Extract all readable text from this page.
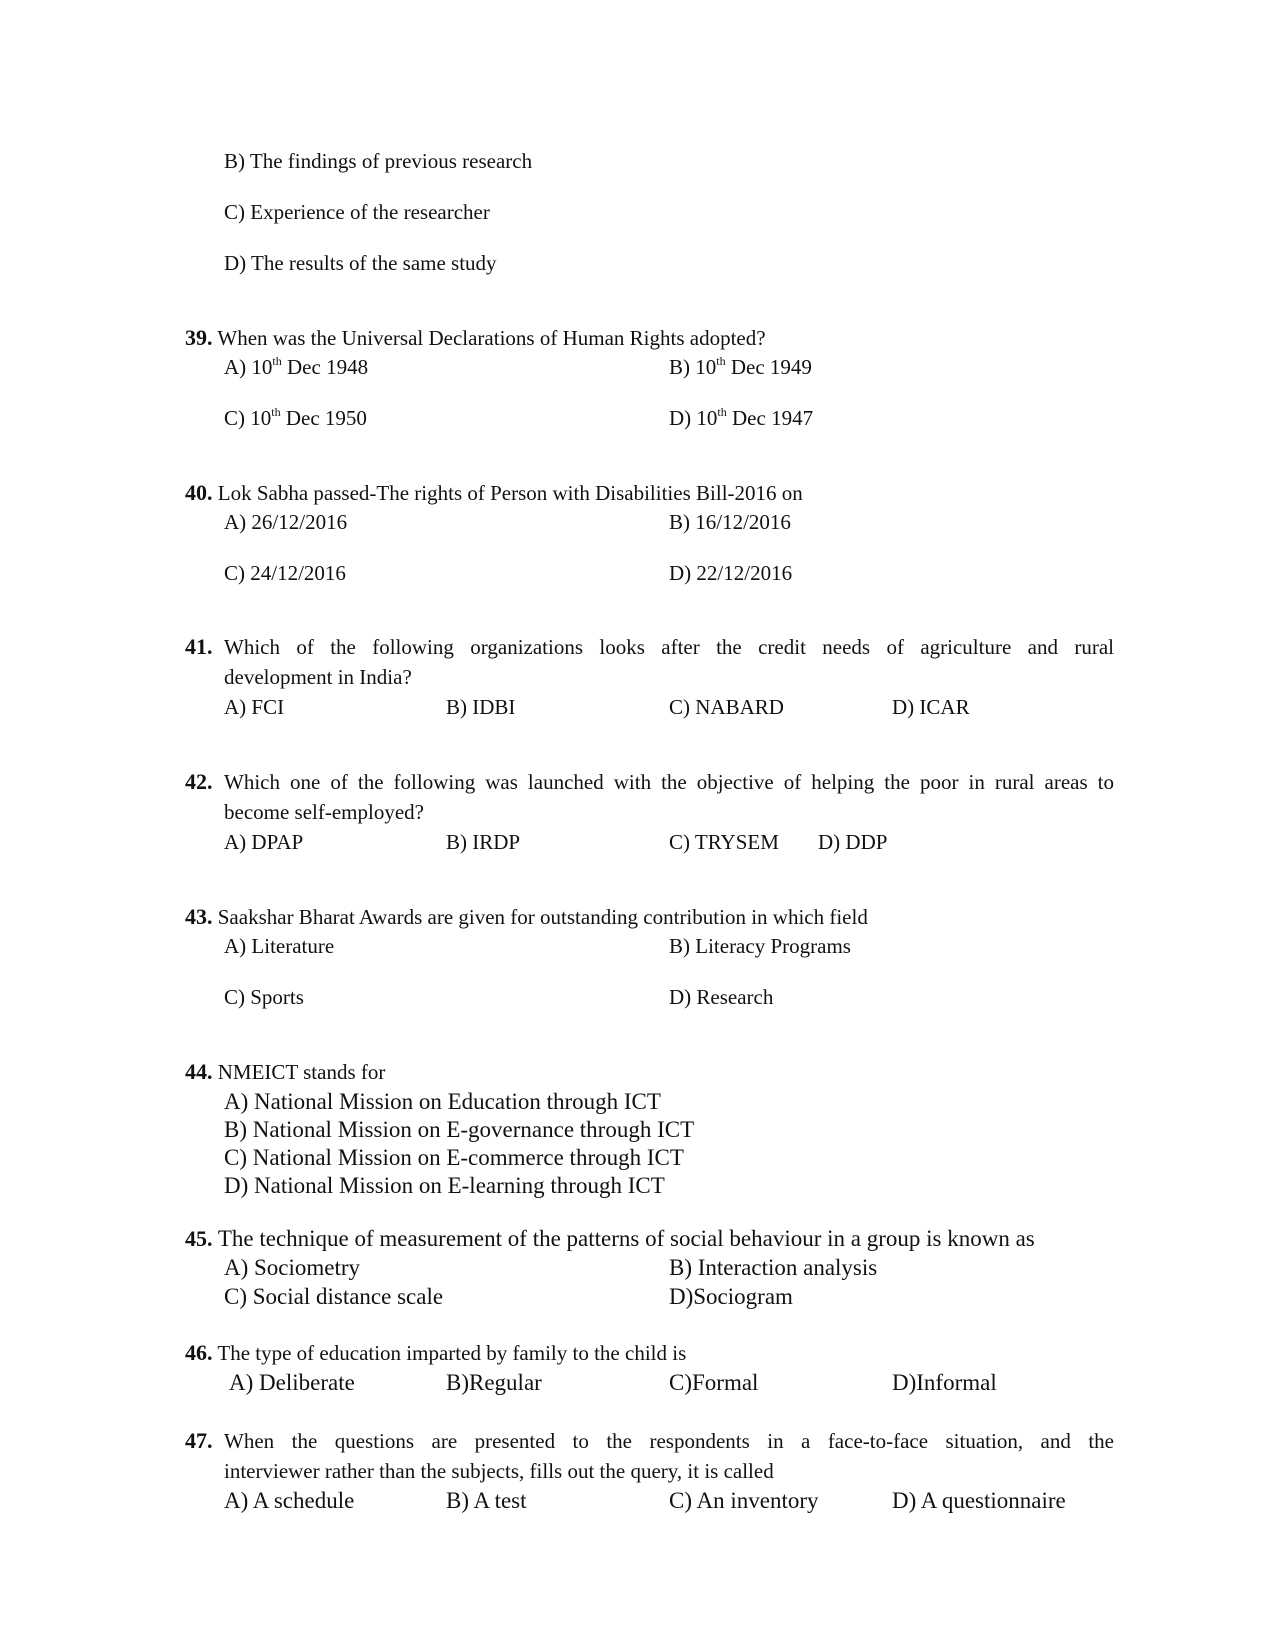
B) The findings of previous research
C) Experience of the researcher
D) The results of the same study
39. When was the Universal Declarations of Human Rights adopted?
A) 10th Dec 1948	B) 10th Dec 1949
C) 10th Dec 1950	D) 10th Dec 1947
40. Lok Sabha passed-The rights of Person with Disabilities Bill-2016 on
A) 26/12/2016	B) 16/12/2016
C) 24/12/2016	D) 22/12/2016
41. Which of the following organizations looks after the credit needs of agriculture and rural
development in India?
A) FCI	B) IDBI	C) NABARD	D) ICAR
42. Which one of the following was launched with the objective of helping the poor in rural areas to
become self-employed?
A) DPAP	B) IRDP	C) TRYSEM D) DDP
43. Saakshar Bharat Awards are given for outstanding contribution in which field
A) Literature	B) Literacy Programs
C) Sports	D) Research
44. NMEICT stands for
A) National Mission on Education through ICT
B) National Mission on E-governance through ICT
C) National Mission on E-commerce through ICT
D) National Mission on E-learning through ICT
45. The technique of measurement of the patterns of social behaviour in a group is known as
A) Sociometry	B) Interaction analysis
C) Social distance scale	D)Sociogram
46. The type of education imparted by family to the child is
A) Deliberate	B)Regular	C)Formal	D)Informal
47. When the questions are presented to the respondents in a face-to-face situation, and the
interviewer rather than the subjects, fills out the query, it is called
A) A schedule	B) A test	C) An inventory	D) A questionnaire
